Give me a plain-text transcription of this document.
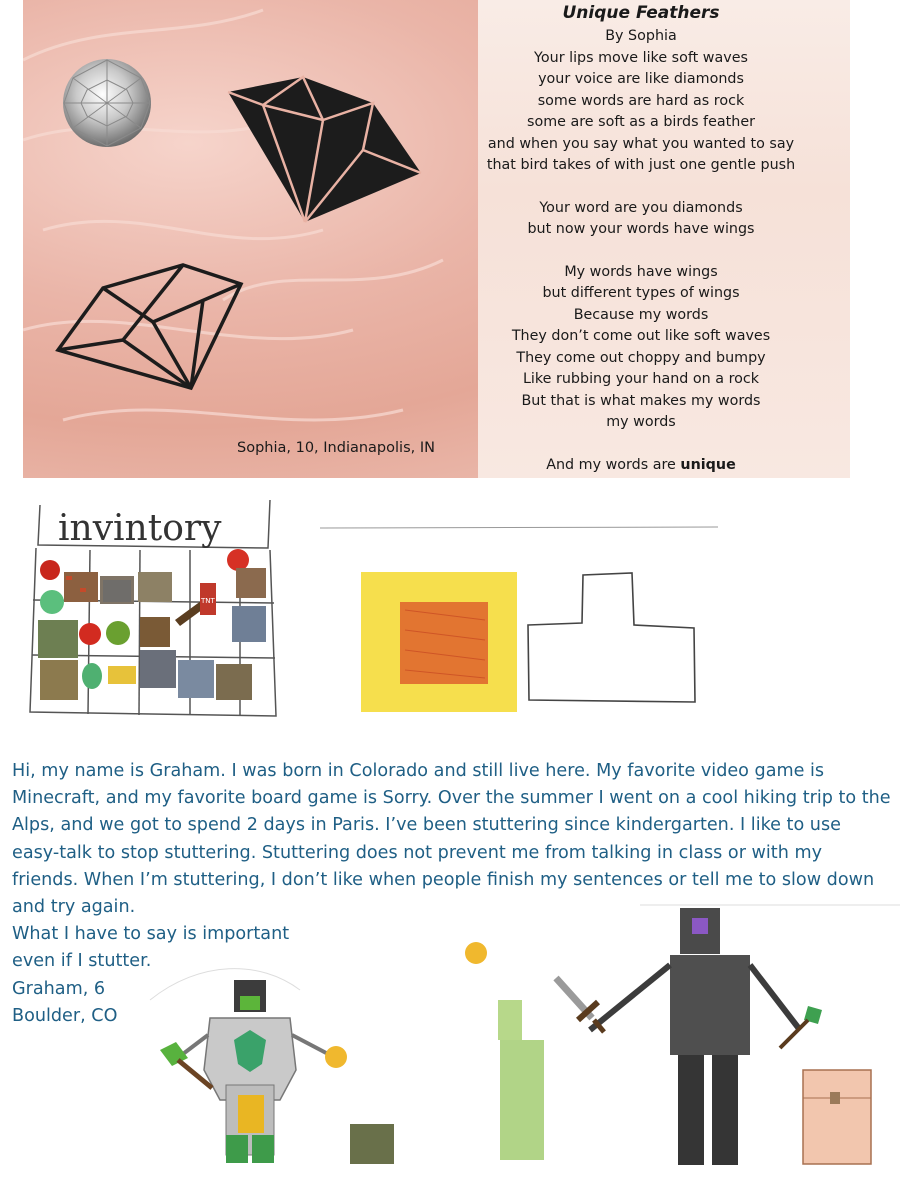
Unique Feathers
By Sophia
Your lips move like soft waves
your voice are like diamonds
some words are hard as rock
some are soft as a birds feather
and when you say what you wanted to say
that bird takes of with just one gentle push
Your word are you diamonds
but now your words have wings
My words have wings
but different types of wings
Because my words
They don’t come out like soft waves
They come out choppy and bumpy
Like rubbing your hand on a rock
But that is what makes my words
my words
And my words are unique
Sophia, 10, Indianapolis, IN
invintory
TNT

Hi, my name is Graham. I was born in Colorado and still live here. My favorite video game is Minecraft, and my favorite board game is Sorry. Over the summer I went on a cool hiking trip to the Alps, and we got to spend 2 days in Paris. I’ve been stuttering since kindergarten. I like to use easy-talk to stop stuttering. Stuttering does not prevent me from talking in class or with my friends. When I’m stuttering, I don’t like when people finish my sentences or tell me to slow down and try again.

What I have to say is important

even if I stutter.

Graham, 6

Boulder, CO
